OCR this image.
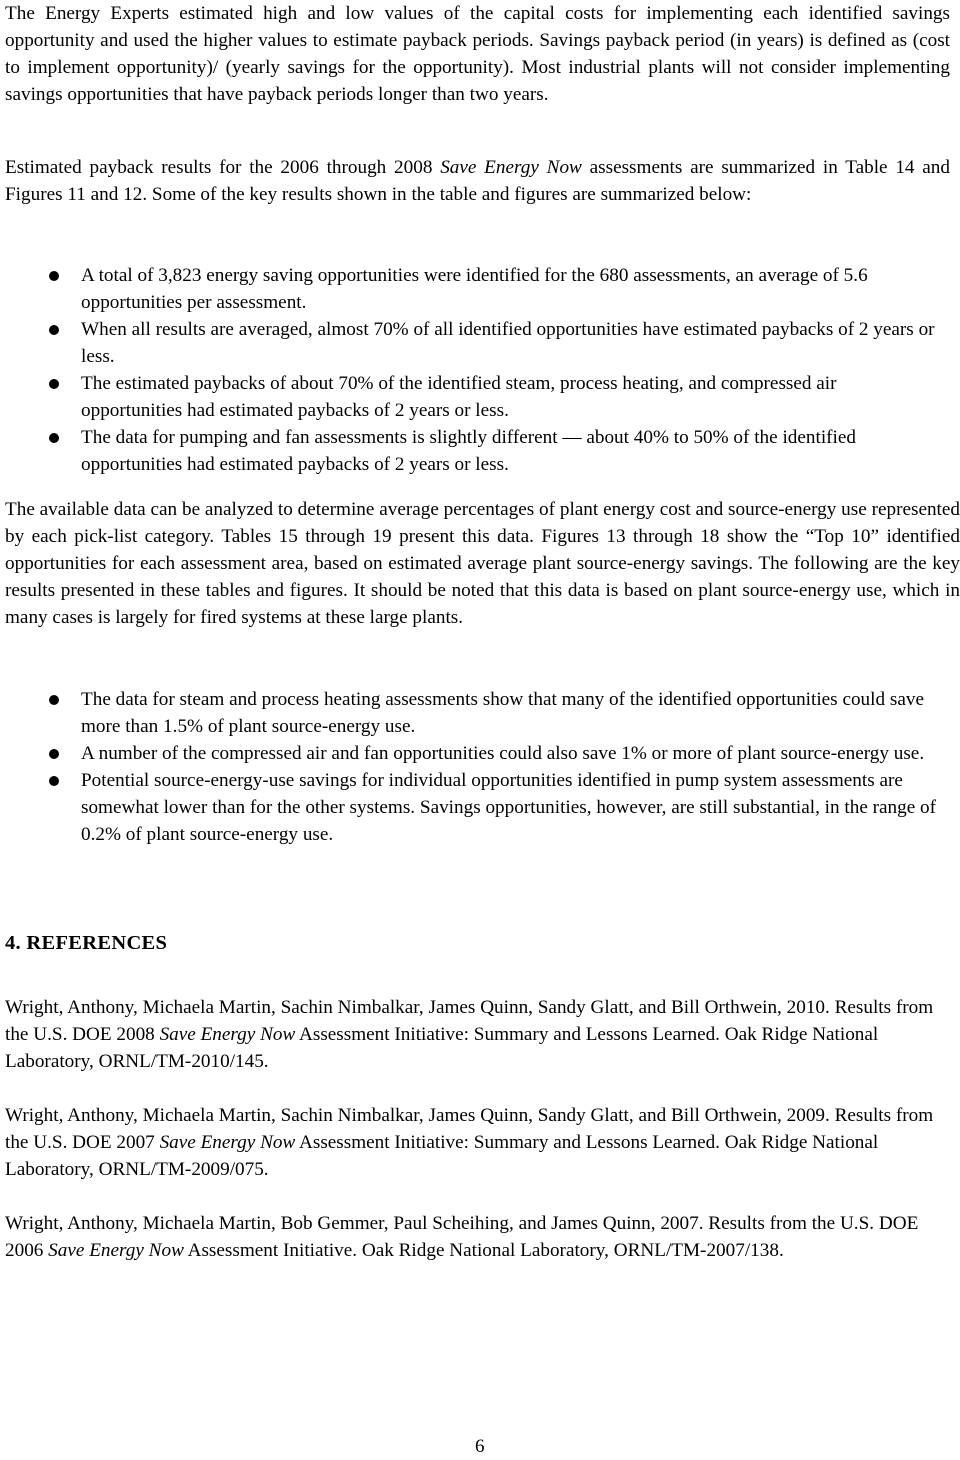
The Energy Experts estimated high and low values of the capital costs for implementing each identified savings opportunity and used the higher values to estimate payback periods. Savings payback period (in years) is defined as (cost to implement opportunity)/ (yearly savings for the opportunity). Most industrial plants will not consider implementing savings opportunities that have payback periods longer than two years.

Estimated payback results for the 2006 through 2008 Save Energy Now assessments are summarized in Table 14 and Figures 11 and 12. Some of the key results shown in the table and figures are summarized below:

A total of 3,823 energy saving opportunities were identified for the 680 assessments, an average of 5.6 opportunities per assessment.
When all results are averaged, almost 70% of all identified opportunities have estimated paybacks of 2 years or less.
The estimated paybacks of about 70% of the identified steam, process heating, and compressed air opportunities had estimated paybacks of 2 years or less.
The data for pumping and fan assessments is slightly different — about 40% to 50% of the identified opportunities had estimated paybacks of 2 years or less.

The available data can be analyzed to determine average percentages of plant energy cost and source-energy use represented by each pick-list category. Tables 15 through 19 present this data. Figures 13 through 18 show the “Top 10” identified opportunities for each assessment area, based on estimated average plant source-energy savings. The following are the key results presented in these tables and figures. It should be noted that this data is based on plant source-energy use, which in many cases is largely for fired systems at these large plants.

The data for steam and process heating assessments show that many of the identified opportunities could save more than 1.5% of plant source-energy use.
A number of the compressed air and fan opportunities could also save 1% or more of plant source-energy use.
Potential source-energy-use savings for individual opportunities identified in pump system assessments are somewhat lower than for the other systems. Savings opportunities, however, are still substantial, in the range of 0.2% of plant source-energy use.
4. REFERENCES

Wright, Anthony, Michaela Martin, Sachin Nimbalkar, James Quinn, Sandy Glatt, and Bill Orthwein, 2010. Results from the U.S. DOE 2008 Save Energy Now Assessment Initiative: Summary and Lessons Learned. Oak Ridge National Laboratory, ORNL/TM-2010/145.

Wright, Anthony, Michaela Martin, Sachin Nimbalkar, James Quinn, Sandy Glatt, and Bill Orthwein, 2009. Results from the U.S. DOE 2007 Save Energy Now Assessment Initiative: Summary and Lessons Learned. Oak Ridge National Laboratory, ORNL/TM-2009/075.

Wright, Anthony, Michaela Martin, Bob Gemmer, Paul Scheihing, and James Quinn, 2007. Results from the U.S. DOE 2006 Save Energy Now Assessment Initiative. Oak Ridge National Laboratory, ORNL/TM-2007/138.

6
